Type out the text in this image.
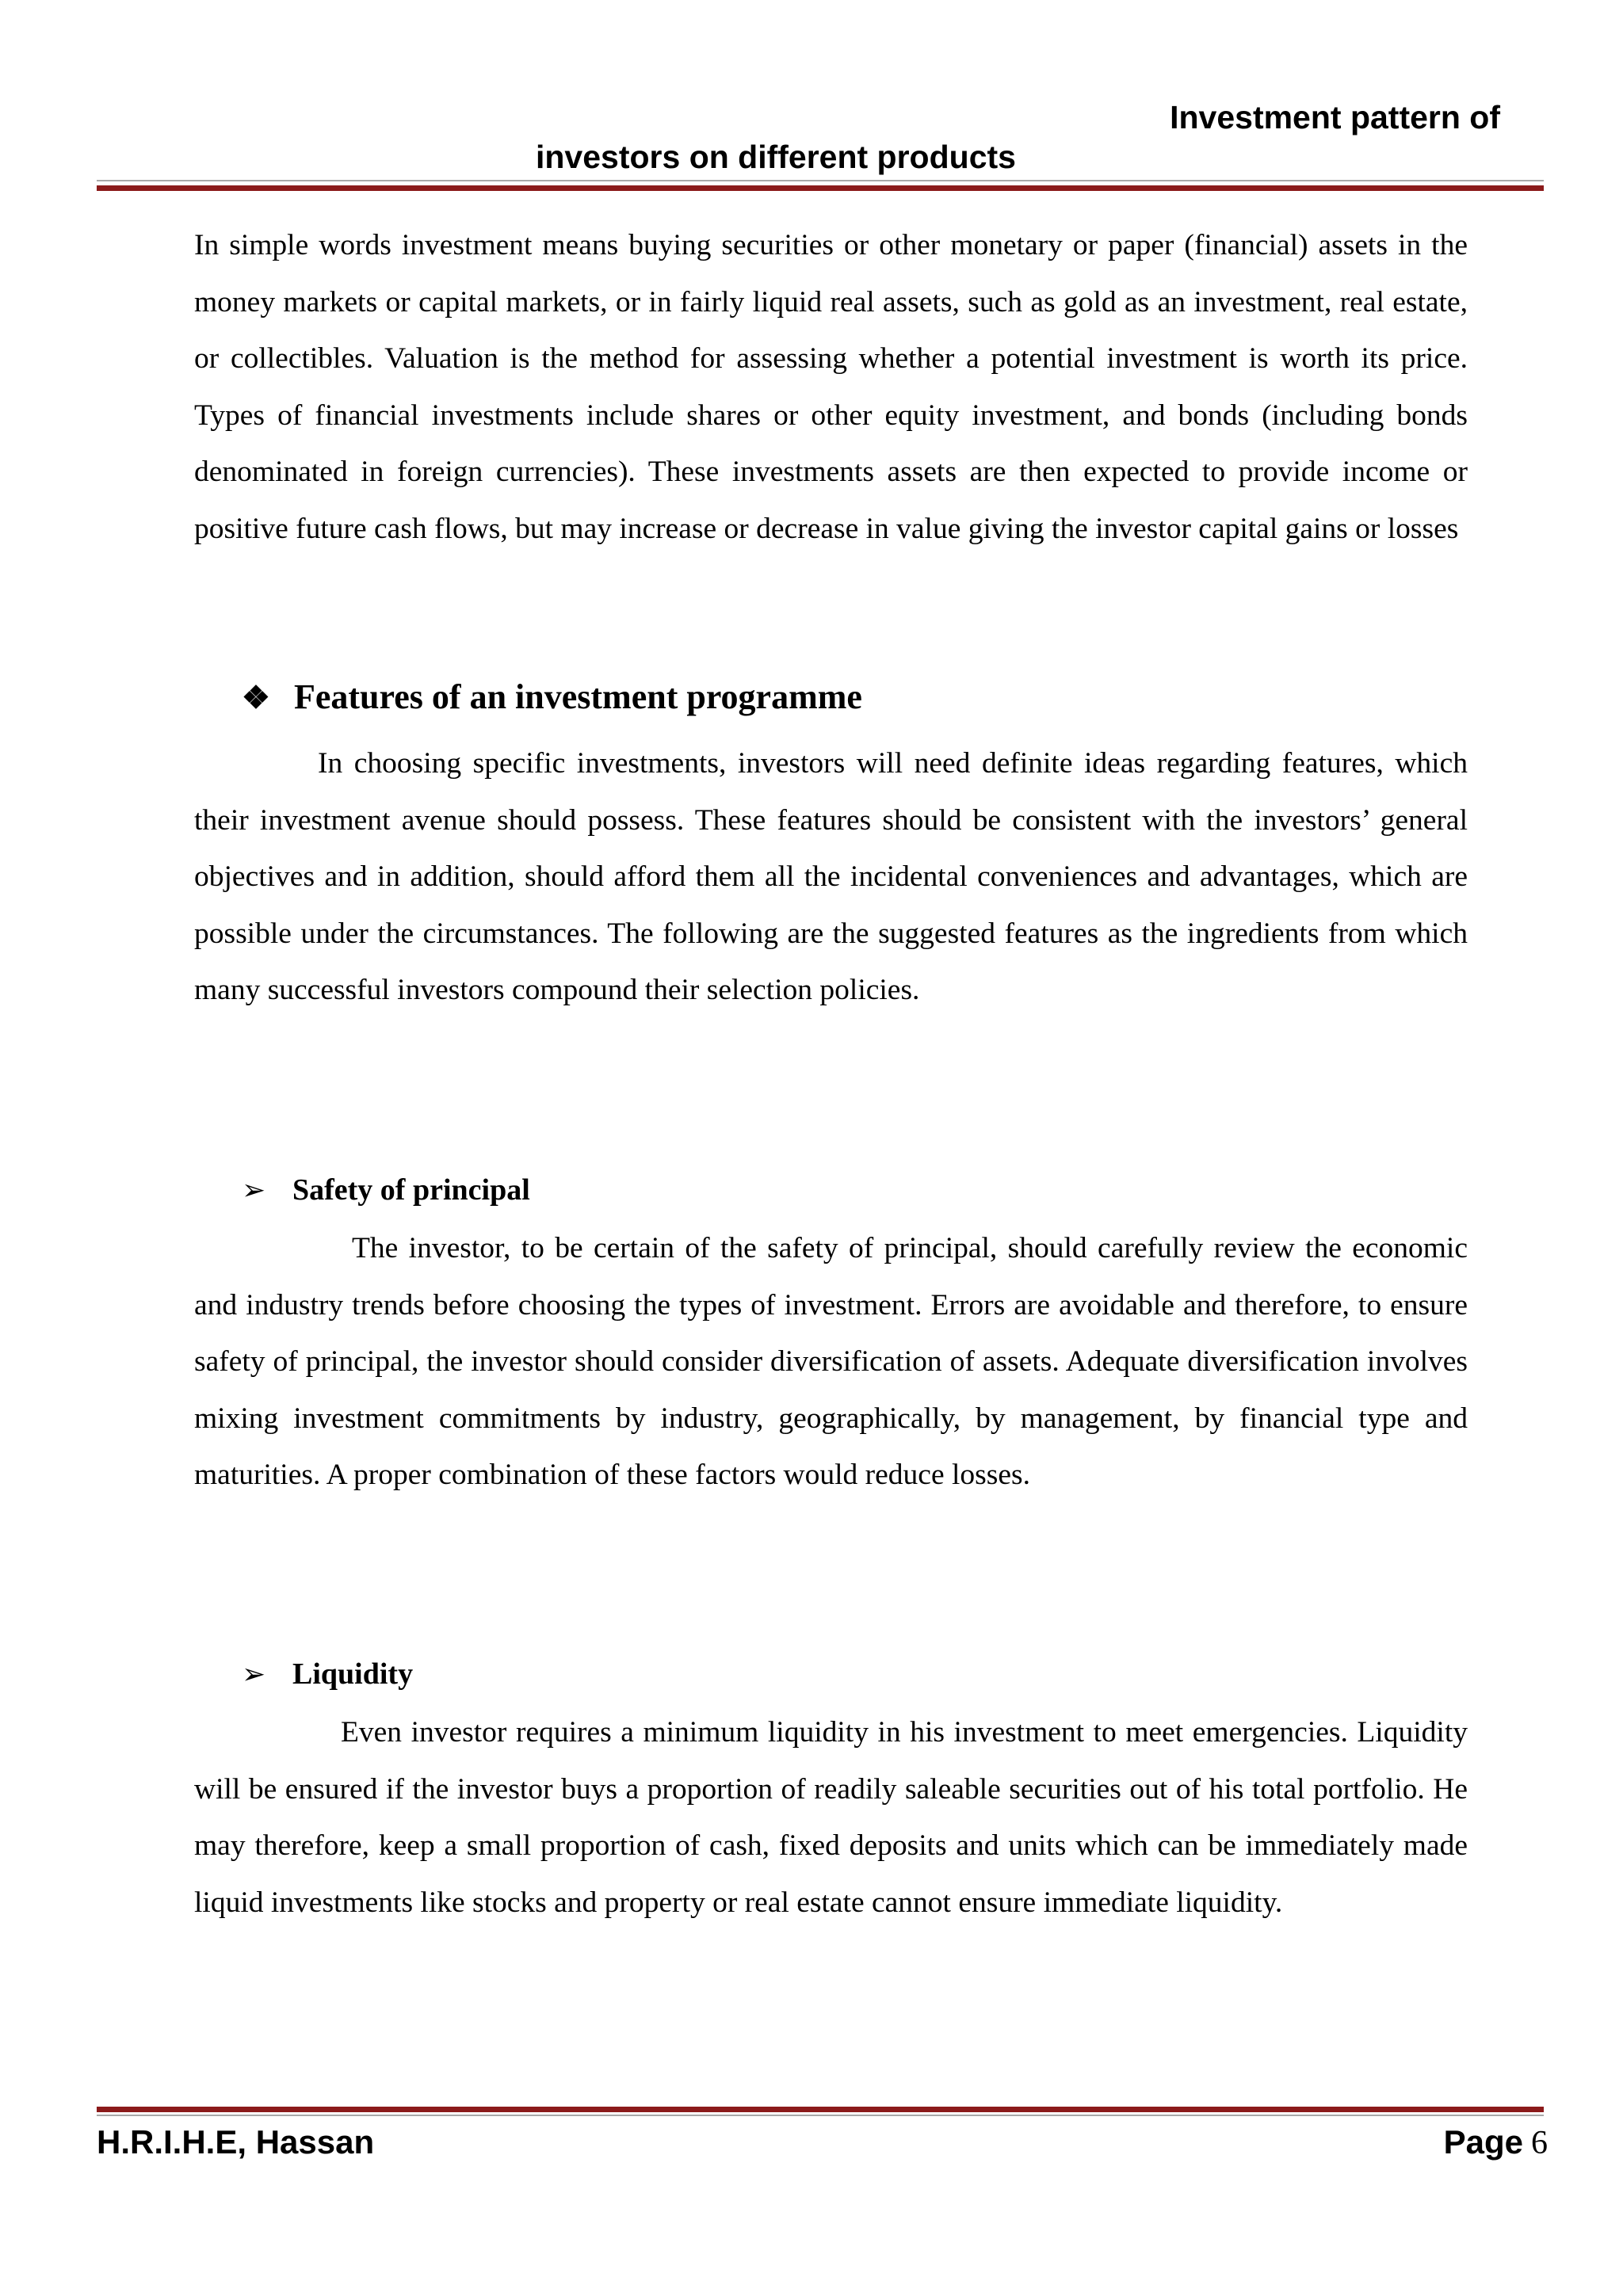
Investment pattern of
investors on different products

In simple words investment means buying securities or other monetary or paper (financial) assets in the money markets or capital markets, or in fairly liquid real assets, such as gold as an investment, real estate, or collectibles. Valuation is the method for assessing whether a potential investment is worth its price. Types of financial investments include shares or other equity investment, and bonds (including bonds denominated in foreign currencies). These investments assets are then expected to provide income or positive future cash flows, but may increase or decrease in value giving the investor capital gains or losses

❖ Features of an investment programme

In choosing specific investments, investors will need definite ideas regarding features, which their investment avenue should possess. These features should be consistent with the investors’ general objectives and in addition, should afford them all the incidental conveniences and advantages, which are possible under the circumstances. The following are the suggested features as the ingredients from which many successful investors compound their selection policies.

➢ Safety of principal

The investor, to be certain of the safety of principal, should carefully review the economic and industry trends before choosing the types of investment. Errors are avoidable and therefore, to ensure safety of principal, the investor should consider diversification of assets. Adequate diversification involves mixing investment commitments by industry, geographically, by management, by financial type and maturities. A proper combination of these factors would reduce losses.

➢ Liquidity

Even investor requires a minimum liquidity in his investment to meet emergencies. Liquidity will be ensured if the investor buys a proportion of readily saleable securities out of his total portfolio. He may therefore, keep a small proportion of cash, fixed deposits and units which can be immediately made liquid investments like stocks and property or real estate cannot ensure immediate liquidity.

H.R.I.H.E, Hassan	Page 6
